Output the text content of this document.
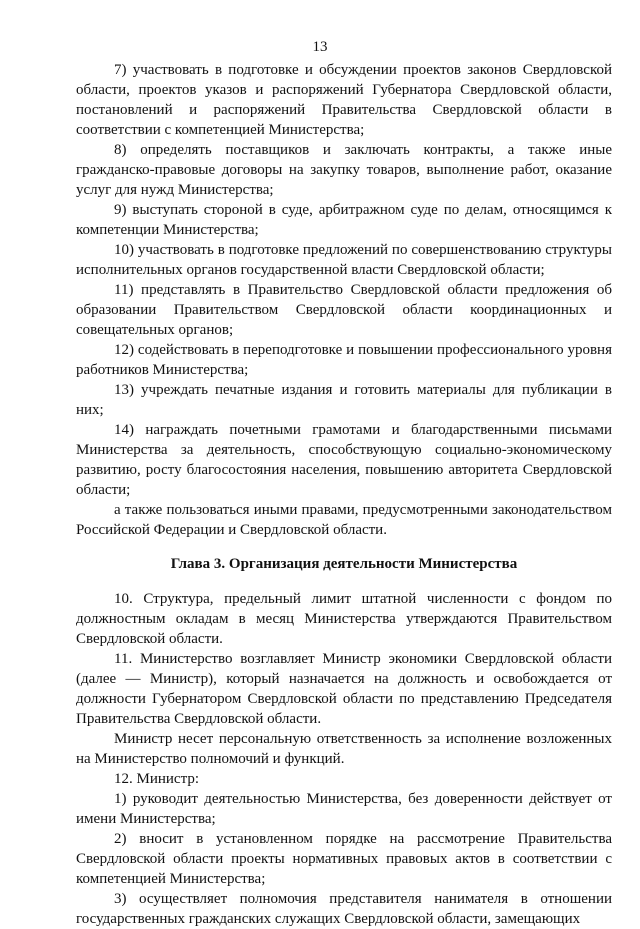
13

7) участвовать в подготовке и обсуждении проектов законов Свердловской области, проектов указов и распоряжений Губернатора Свердловской области, постановлений и распоряжений Правительства Свердловской области в соответствии с компетенцией Министерства;

8) определять поставщиков и заключать контракты, а также иные гражданско-правовые договоры на закупку товаров, выполнение работ, оказание услуг для нужд Министерства;

9) выступать стороной в суде, арбитражном суде по делам, относящимся к компетенции Министерства;

10) участвовать в подготовке предложений по совершенствованию структуры исполнительных органов государственной власти Свердловской области;

11) представлять в Правительство Свердловской области предложения об образовании Правительством Свердловской области координационных и совещательных органов;

12) содействовать в переподготовке и повышении профессионального уровня работников Министерства;

13) учреждать печатные издания и готовить материалы для публикации в них;

14) награждать почетными грамотами и благодарственными письмами Министерства за деятельность, способствующую социально-экономическому развитию, росту благосостояния населения, повышению авторитета Свердловской области;

а также пользоваться иными правами, предусмотренными законодательством Российской Федерации и Свердловской области.

Глава 3. Организация деятельности Министерства

10. Структура, предельный лимит штатной численности с фондом по должностным окладам в месяц Министерства утверждаются Правительством Свердловской области.

11. Министерство возглавляет Министр экономики Свердловской области (далее — Министр), который назначается на должность и освобождается от должности Губернатором Свердловской области по представлению Председателя Правительства Свердловской области.

Министр несет персональную ответственность за исполнение возложенных на Министерство полномочий и функций.

12. Министр:

1) руководит деятельностью Министерства, без доверенности действует от имени Министерства;

2) вносит в установленном порядке на рассмотрение Правительства Свердловской области проекты нормативных правовых актов в соответствии с компетенцией Министерства;

3) осуществляет полномочия представителя нанимателя в отношении государственных гражданских служащих Свердловской области, замещающих
